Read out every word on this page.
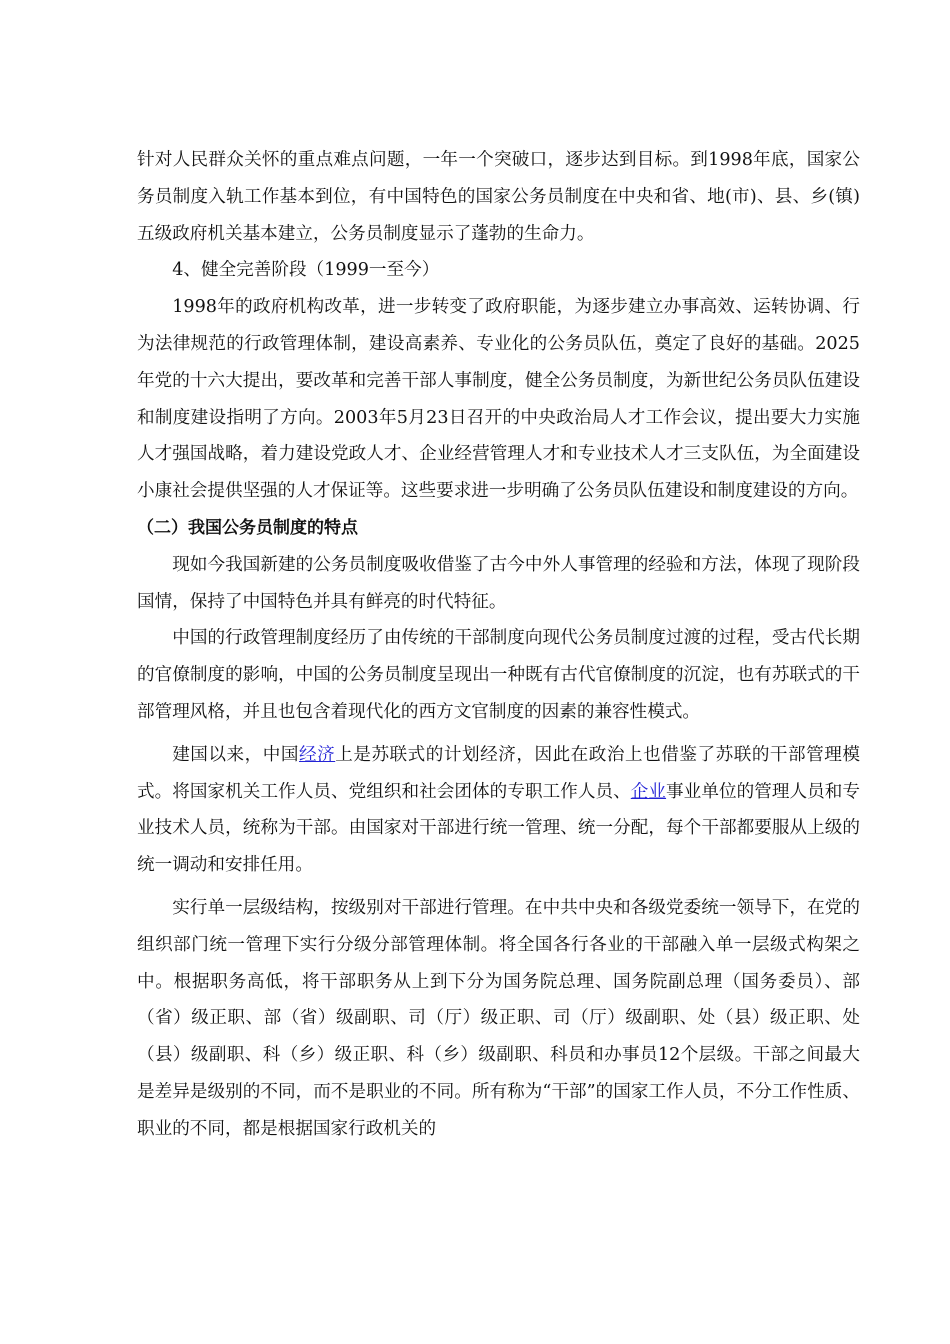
针对人民群众关怀的重点难点问题，一年一个突破口，逐步达到目标。到1998年底，国家公务员制度入轨工作基本到位，有中国特色的国家公务员制度在中央和省、地(市)、县、乡(镇)五级政府机关基本建立，公务员制度显示了蓬勃的生命力。

4、健全完善阶段（1999一至今）

1998年的政府机构改革，进一步转变了政府职能，为逐步建立办事高效、运转协调、行为法律规范的行政管理体制，建设高素养、专业化的公务员队伍，奠定了良好的基础。2025年党的十六大提出，要改革和完善干部人事制度，健全公务员制度，为新世纪公务员队伍建设和制度建设指明了方向。2003年5月23日召开的中央政治局人才工作会议，提出要大力实施人才强国战略，着力建设党政人才、企业经营管理人才和专业技术人才三支队伍，为全面建设小康社会提供坚强的人才保证等。这些要求进一步明确了公务员队伍建设和制度建设的方向。

（二）我国公务员制度的特点

现如今我国新建的公务员制度吸收借鉴了古今中外人事管理的经验和方法，体现了现阶段国情，保持了中国特色并具有鲜亮的时代特征。

中国的行政管理制度经历了由传统的干部制度向现代公务员制度过渡的过程，受古代长期的官僚制度的影响，中国的公务员制度呈现出一种既有古代官僚制度的沉淀，也有苏联式的干部管理风格，并且也包含着现代化的西方文官制度的因素的兼容性模式。

建国以来，中国经济上是苏联式的计划经济，因此在政治上也借鉴了苏联的干部管理模式。将国家机关工作人员、党组织和社会团体的专职工作人员、企业事业单位的管理人员和专业技术人员，统称为干部。由国家对干部进行统一管理、统一分配，每个干部都要服从上级的统一调动和安排任用。

实行单一层级结构，按级别对干部进行管理。在中共中央和各级党委统一领导下，在党的组织部门统一管理下实行分级分部管理体制。将全国各行各业的干部融入单一层级式构架之中。根据职务高低，将干部职务从上到下分为国务院总理、国务院副总理（国务委员）、部（省）级正职、部（省）级副职、司（厅）级正职、司（厅）级副职、处（县）级正职、处（县）级副职、科（乡）级正职、科（乡）级副职、科员和办事员12个层级。干部之间最大是差异是级别的不同，而不是职业的不同。所有称为“干部”的国家工作人员，不分工作性质、职业的不同，都是根据国家行政机关的
